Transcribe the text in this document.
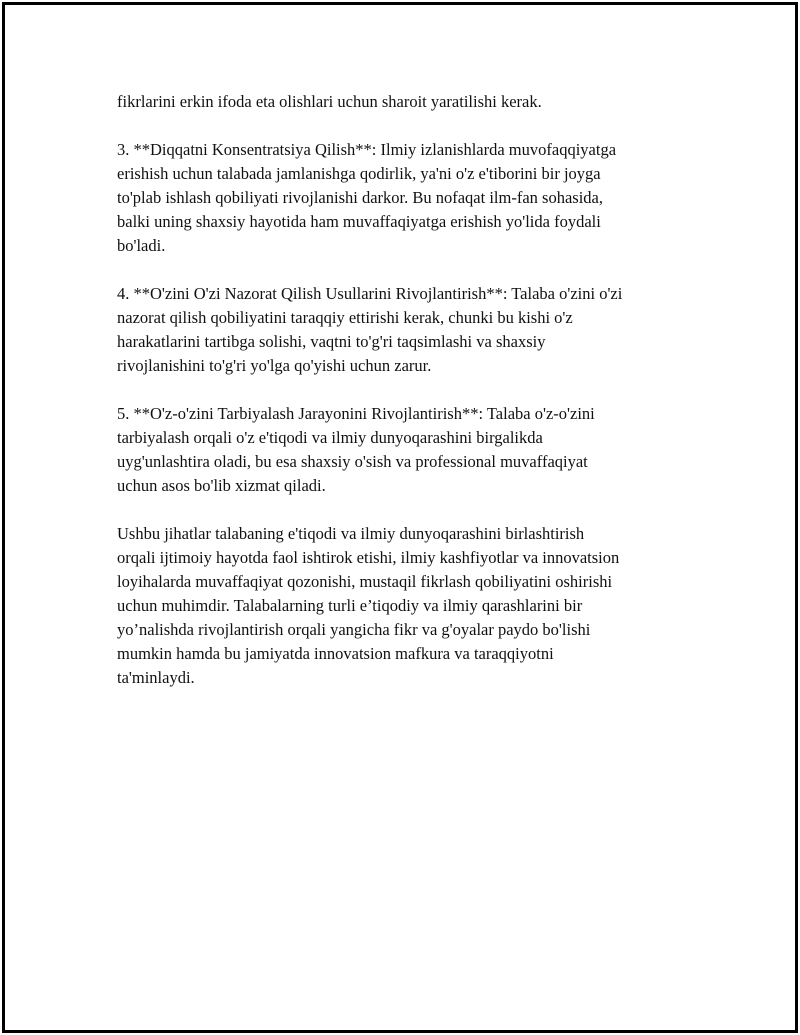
fikrlarini erkin ifoda eta olishlari uchun sharoit yaratilishi kerak.
3. **Diqqatni Konsentratsiya Qilish**: Ilmiy izlanishlarda muvofaqqiyatga
erishish uchun talabada jamlanishga qodirlik, ya'ni o'z e'tiborini bir joyga
to'plab ishlash qobiliyati rivojlanishi darkor. Bu nofaqat ilm-fan sohasida,
balki uning shaxsiy hayotida ham muvaffaqiyatga erishish yo'lida foydali
bo'ladi.
4. **O'zini O'zi Nazorat Qilish Usullarini Rivojlantirish**: Talaba o'zini o'zi
nazorat qilish qobiliyatini taraqqiy ettirishi kerak, chunki bu kishi o'z
harakatlarini tartibga solishi, vaqtni to'g'ri taqsimlashi va shaxsiy
rivojlanishini to'g'ri yo'lga qo'yishi uchun zarur.
5. **O'z-o'zini Tarbiyalash Jarayonini Rivojlantirish**: Talaba o'z-o'zini
tarbiyalash orqali o'z e'tiqodi va ilmiy dunyoqarashini birgalikda
uyg'unlashtira oladi, bu esa shaxsiy o'sish va professional muvaffaqiyat
uchun asos bo'lib xizmat qiladi.
Ushbu jihatlar talabaning e'tiqodi va ilmiy dunyoqarashini birlashtirish
orqali ijtimoiy hayotda faol ishtirok etishi, ilmiy kashfiyotlar va innovatsion
loyihalarda muvaffaqiyat qozonishi, mustaqil fikrlash qobiliyatini oshirishi
uchun muhimdir. Talabalarning turli e’tiqodiy va ilmiy qarashlarini bir
yo’nalishda rivojlantirish orqali yangicha fikr va g'oyalar paydo bo'lishi
mumkin hamda bu jamiyatda innovatsion mafkura va taraqqiyotni
ta'minlaydi.
